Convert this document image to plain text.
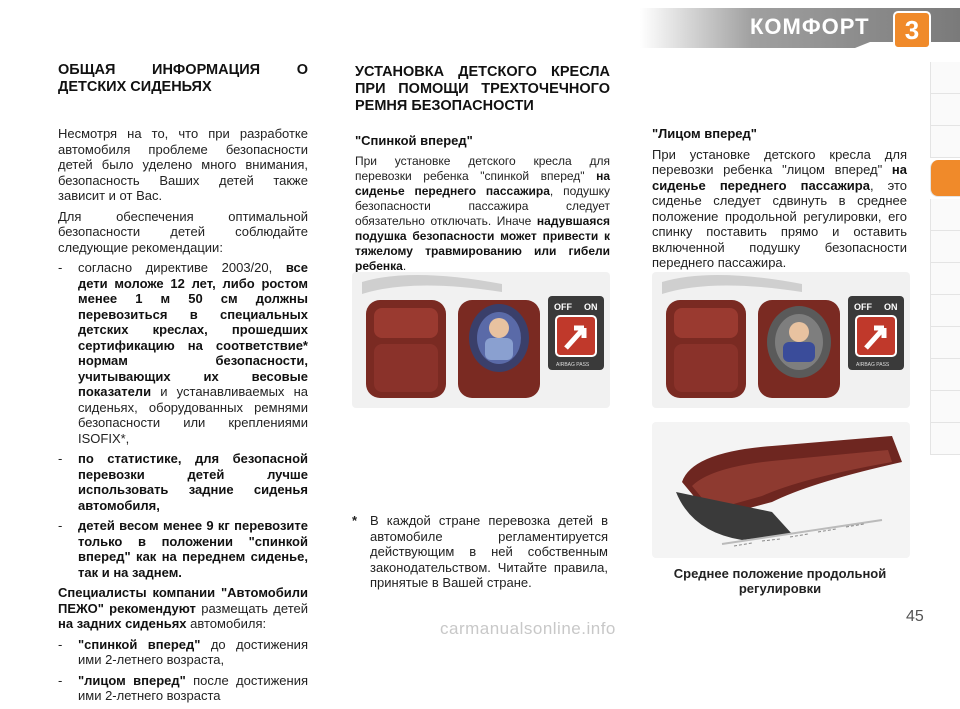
КОМФОРТ	3

ОБЩАЯ ИНФОРМАЦИЯ О ДЕТСКИХ СИДЕНЬЯХ

Несмотря на то, что при разработке автомобиля проблеме безопасности детей было уделено много внимания, безопасность Ваших детей также зависит и от Вас.

Для обеспечения оптимальной безопасности детей соблюдайте следующие рекомендации:

-	согласно директиве 2003/20, все дети моложе 12 лет, либо ростом менее 1 м 50 см должны перевозиться в специальных детских креслах, прошедших сертификацию на соответствие* нормам безопасности, учитывающих их весовые показатели и устанавливаемых на сиденьях, оборудованных ремнями безопасности или креплениями ISOFIX*,
-	по статистике, для безопасной перевозки детей лучше использовать задние сиденья автомобиля,
-	детей весом менее 9 кг перевозите только в положении "спинкой вперед" как на переднем сиденье, так и на заднем.

Специалисты компании "Автомобили ПЕЖО" рекомендуют размещать детей на задних сиденьях автомобиля:

-	"спинкой вперед" до достижения ими 2-летнего возраста,
-	"лицом вперед" после достижения ими 2-летнего возраста

УСТАНОВКА ДЕТСКОГО КРЕСЛА ПРИ ПОМОЩИ ТРЕХТОЧЕЧНОГО РЕМНЯ БЕЗОПАСНОСТИ

"Спинкой вперед"

При установке детского кресла для перевозки ребенка "спинкой вперед" на сиденье переднего пассажира, подушку безопасности пассажира следует обязательно отключать. Иначе надувшаяся подушка безопасности может привести к тяжелому травмированию или гибели ребенка.

"Лицом вперед"

При установке детского кресла для перевозки ребенка "лицом вперед" на сиденье переднего пассажира, это сиденье следует сдвинуть в среднее положение продольной регулировки, его спинку поставить прямо и оставить включенной подушку безопасности переднего пассажира.

OFF ON
AIRBAG PASS
OFF ON
AIRBAG PASS
Среднее положение продольной регулировки
* В каждой стране перевозка детей в автомобиле регламентируется действующим в ней собственным законодательством. Читайте правила, принятые в Вашей стране.
45
carmanualsonline.info
